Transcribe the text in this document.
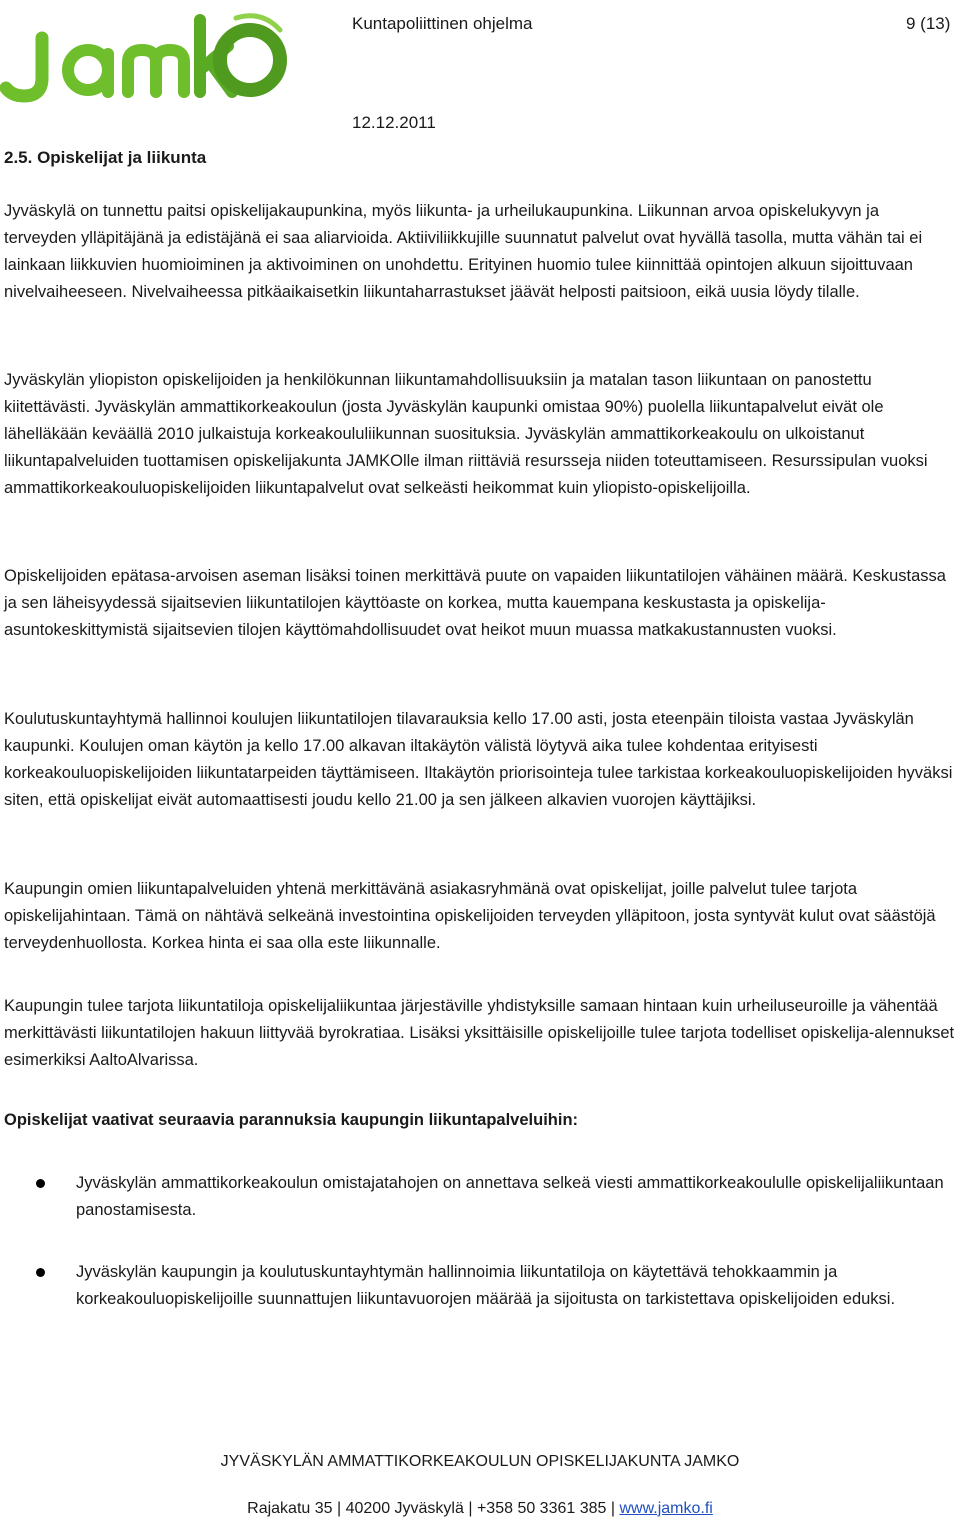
Kuntapoliittinen ohjelma	9 (13)
12.12.2011
2.5. Opiskelijat ja liikunta

Jyväskylä on tunnettu paitsi opiskelijakaupunkina, myös liikunta- ja urheilukaupunkina. Liikunnan arvoa opiskelukyvyn ja terveyden ylläpitäjänä ja edistäjänä ei saa aliarvioida. Aktiiviliikkujille suunnatut palvelut ovat hyvällä tasolla, mutta vähän tai ei lainkaan liikkuvien huomioiminen ja aktivoiminen on unohdettu. Erityinen huomio tulee kiinnittää opintojen alkuun sijoittuvaan nivelvaiheeseen. Nivelvaiheessa pitkäaikaisetkin liikuntaharrastukset jäävät helposti paitsioon, eikä uusia löydy tilalle.

Jyväskylän yliopiston opiskelijoiden ja henkilökunnan liikuntamahdollisuuksiin ja matalan tason liikuntaan on panostettu kiitettävästi. Jyväskylän ammattikorkeakoulun (josta Jyväskylän kaupunki omistaa 90%) puolella liikuntapalvelut eivät ole lähelläkään keväällä 2010 julkaistuja korkeakoululiikunnan suosituksia. Jyväskylän ammattikorkeakoulu on ulkoistanut liikuntapalveluiden tuottamisen opiskelijakunta JAMKOlle ilman riittäviä resursseja niiden toteuttamiseen. Resurssipulan vuoksi ammattikorkeakouluopiskelijoiden liikuntapalvelut ovat selkeästi heikommat kuin yliopisto-opiskelijoilla.

Opiskelijoiden epätasa-arvoisen aseman lisäksi toinen merkittävä puute on vapaiden liikuntatilojen vähäinen määrä. Keskustassa ja sen läheisyydessä sijaitsevien liikuntatilojen käyttöaste on korkea, mutta kauempana keskustasta ja opiskelija-asuntokeskittymistä sijaitsevien tilojen käyttömahdollisuudet ovat heikot muun muassa matkakustannusten vuoksi.

Koulutuskuntayhtymä hallinnoi koulujen liikuntatilojen tilavarauksia kello 17.00 asti, josta eteenpäin tiloista vastaa Jyväskylän kaupunki. Koulujen oman käytön ja kello 17.00 alkavan iltakäytön välistä löytyvä aika tulee kohdentaa erityisesti korkeakouluopiskelijoiden liikuntatarpeiden täyttämiseen. Iltakäytön priorisointeja tulee tarkistaa korkeakouluopiskelijoiden hyväksi siten, että opiskelijat eivät automaattisesti joudu kello 21.00 ja sen jälkeen alkavien vuorojen käyttäjiksi.

Kaupungin omien liikuntapalveluiden yhtenä merkittävänä asiakasryhmänä ovat opiskelijat, joille palvelut tulee tarjota opiskelijahintaan. Tämä on nähtävä selkeänä investointina opiskelijoiden terveyden ylläpitoon, josta syntyvät kulut ovat säästöjä terveydenhuollosta. Korkea hinta ei saa olla este liikunnalle.

Kaupungin tulee tarjota liikuntatiloja opiskelijaliikuntaa järjestäville yhdistyksille samaan hintaan kuin urheiluseuroille ja vähentää merkittävästi liikuntatilojen hakuun liittyvää byrokratiaa. Lisäksi yksittäisille opiskelijoille tulee tarjota todelliset opiskelija-alennukset esimerkiksi AaltoAlvarissa.

Opiskelijat vaativat seuraavia parannuksia kaupungin liikuntapalveluihin:

Jyväskylän ammattikorkeakoulun omistajatahojen on annettava selkeä viesti ammattikorkeakoululle opiskelijaliikuntaan panostamisesta.
Jyväskylän kaupungin ja koulutuskuntayhtymän hallinnoimia liikuntatiloja on käytettävä tehokkaammin ja korkeakouluopiskelijoille suunnattujen liikuntavuorojen määrää ja sijoitusta on tarkistettava opiskelijoiden eduksi.
JYVÄSKYLÄN AMMATTIKORKEAKOULUN OPISKELIJAKUNTA JAMKO
Rajakatu 35 | 40200 Jyväskylä | +358 50 3361 385 | www.jamko.fi
